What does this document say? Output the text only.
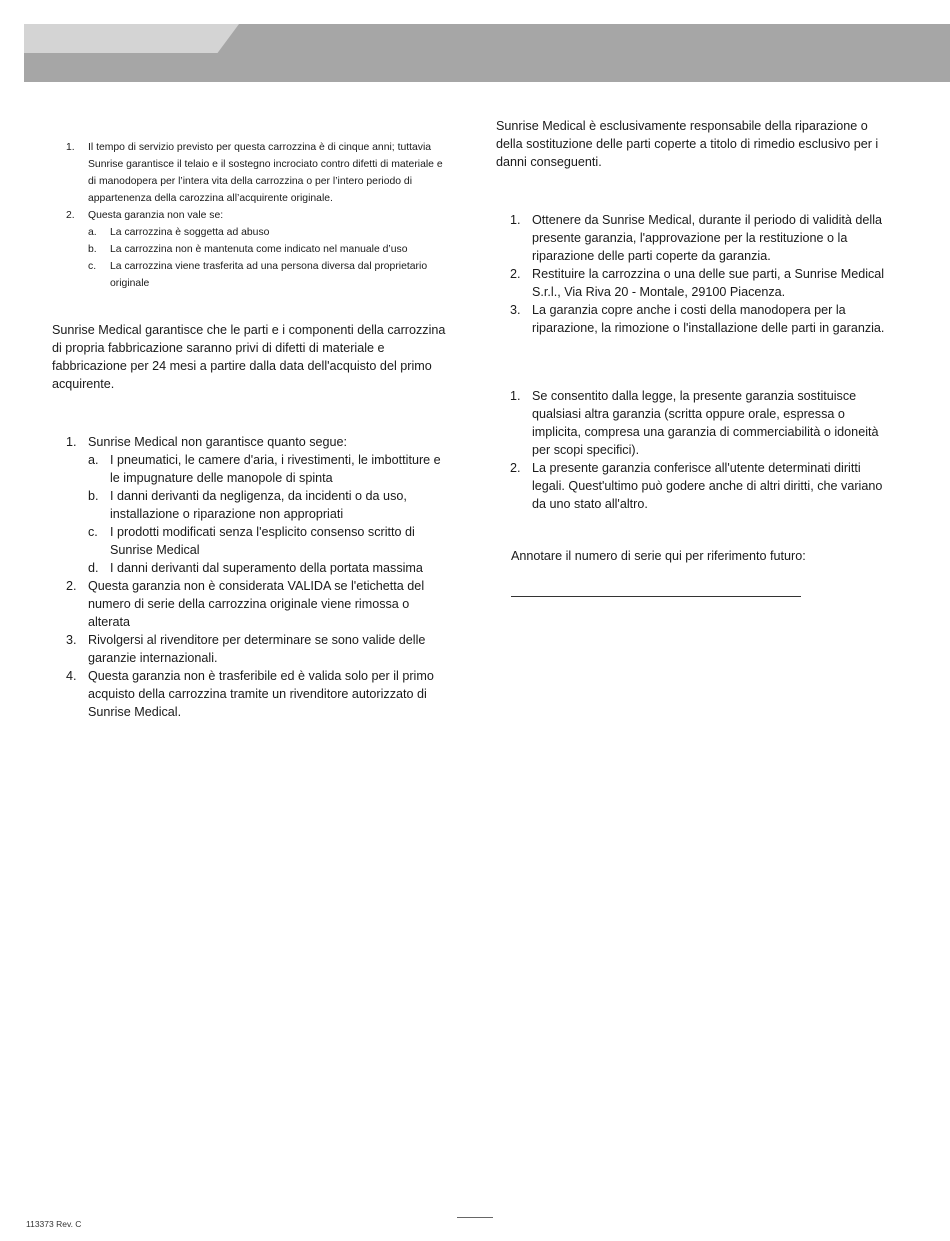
1. Il tempo di servizio previsto per questa carrozzina è di cinque anni; tuttavia Sunrise garantisce il telaio e il sostegno incrociato contro difetti di materiale e di manodopera per l’intera vita della carrozzina o per l’intero periodo di appartenenza della carozzina all’acquirente originale.
2. Questa garanzia non vale se:
a. La carrozzina è soggetta ad abuso
b. La carrozzina non è mantenuta come indicato nel manuale d’uso
c. La carrozzina viene trasferita ad una persona diversa dal proprietario originale

Sunrise Medical garantisce che le parti e i componenti della carrozzina di propria fabbricazione saranno privi di difetti di materiale e fabbricazione per 24 mesi a partire dalla data dell'acquisto del primo acquirente.

1. Sunrise Medical non garantisce quanto segue:
a. I pneumatici, le camere d'aria, i rivestimenti, le imbottiture e le impugnature delle manopole di spinta
b. I danni derivanti da negligenza, da incidenti o da uso, installazione o riparazione non appropriati
c. I prodotti modificati senza l'esplicito consenso scritto di Sunrise Medical
d. I danni derivanti dal superamento della portata massima
2. Questa garanzia non è considerata VALIDA se l'etichetta del numero di serie della carrozzina originale viene rimossa o alterata
3. Rivolgersi al rivenditore per determinare se sono valide delle garanzie internazionali.
4. Questa garanzia non è trasferibile ed è valida solo per il primo acquisto della carrozzina tramite un rivenditore autorizzato di Sunrise Medical.

Sunrise Medical è esclusivamente responsabile della riparazione o della sostituzione delle parti coperte a titolo di rimedio esclusivo per i danni conseguenti.

1. Ottenere da Sunrise Medical, durante il periodo di validità della presente garanzia, l'approvazione per la restituzione o la riparazione delle parti coperte da garanzia.
2. Restituire la carrozzina o una delle sue parti, a Sunrise Medical S.r.l., Via Riva 20 - Montale, 29100 Piacenza.
3. La garanzia copre anche i costi della manodopera per la riparazione, la rimozione o l'installazione delle parti in garanzia.
1. Se consentito dalla legge, la presente garanzia sostituisce qualsiasi altra garanzia (scritta oppure orale, espressa o implicita, compresa una garanzia di commerciabilità o idoneità per scopi specifici).
2. La presente garanzia conferisce all'utente determinati diritti legali. Quest'ultimo può godere anche di altri diritti, che variano da uno stato all'altro.

Annotare il numero di serie qui per riferimento futuro:

113373 Rev. C
